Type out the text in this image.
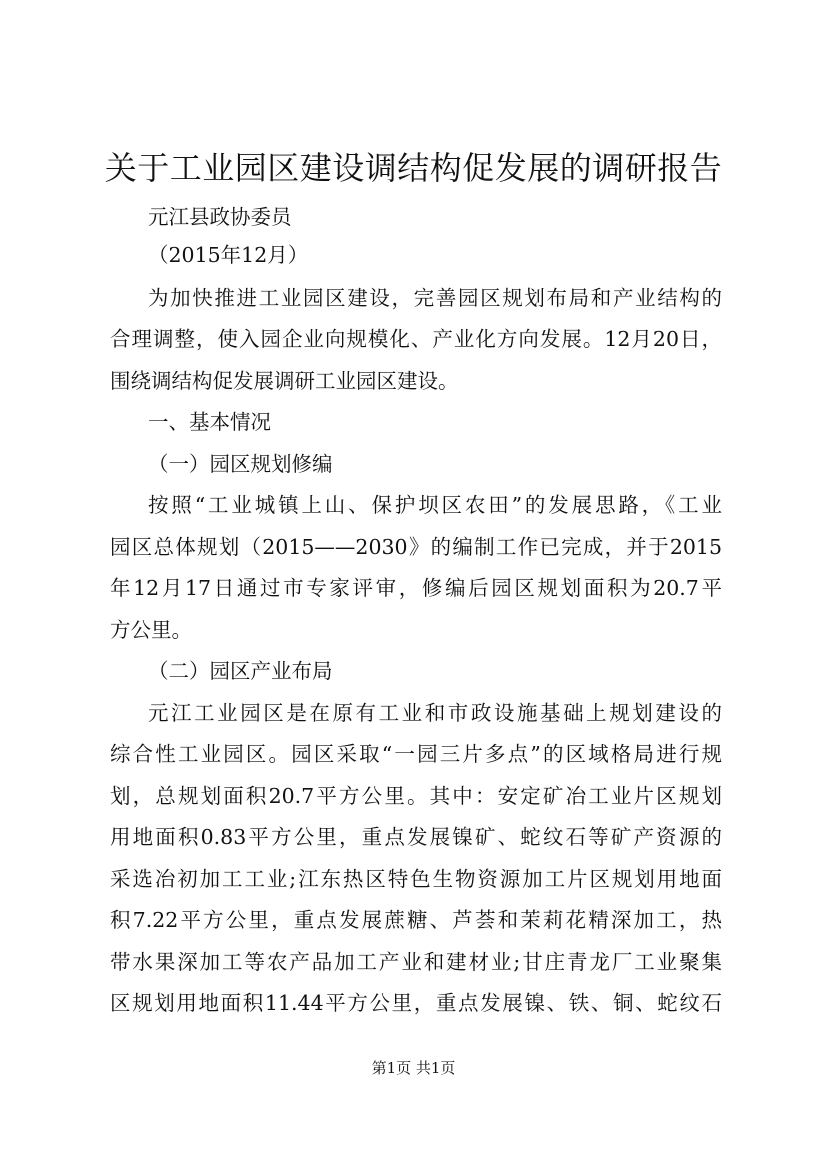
关于工业园区建设调结构促发展的调研报告
元江县政协委员
（2015年12月）
为加快推进工业园区建设，完善园区规划布局和产业结构的
合理调整，使入园企业向规模化、产业化方向发展。12月20日，
围绕调结构促发展调研工业园区建设。
一、基本情况
（一）园区规划修编
按照“工业城镇上山、保护坝区农田”的发展思路，《工业
园区总体规划（2015——2030》的编制工作已完成，并于2015
年12月17日通过市专家评审，修编后园区规划面积为20.7平
方公里。
（二）园区产业布局
元江工业园区是在原有工业和市政设施基础上规划建设的
综合性工业园区。园区采取“一园三片多点”的区域格局进行规
划，总规划面积20.7平方公里。其中：安定矿冶工业片区规划
用地面积0.83平方公里，重点发展镍矿、蛇纹石等矿产资源的
采选冶初加工工业;江东热区特色生物资源加工片区规划用地面
积7.22平方公里，重点发展蔗糖、芦荟和茉莉花精深加工，热
带水果深加工等农产品加工产业和建材业;甘庄青龙厂工业聚集
区规划用地面积11.44平方公里，重点发展镍、铁、铜、蛇纹石
第1页 共1页
